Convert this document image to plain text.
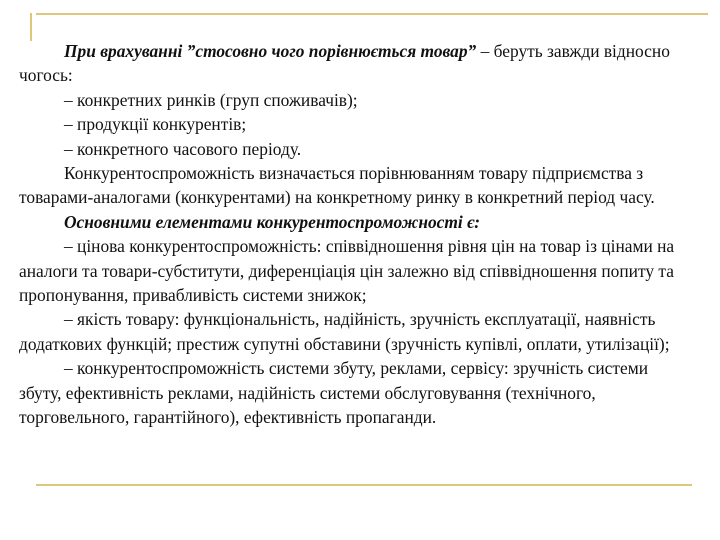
При врахуванні ”стосовно чого порівнюється товар” – беруть завжди відносно чогось:

– конкретних ринків (груп споживачів);

– продукції конкурентів;

– конкретного часового періоду.

Конкурентоспроможність визначається порівнюванням товару підприємства з товарами-аналогами (конкурентами) на конкретному ринку в конкретний період часу.

Основними елементами конкурентоспроможності є:

– цінова конкурентоспроможність: співвідношення рівня цін на товар із цінами на аналоги та товари-субститути, диференціація цін залежно від співвідношення попиту та пропонування, привабливість системи знижок;

– якість товару: функціональність, надійність, зручність експлуатації, наявність додаткових функцій; престиж супутні обставини (зручність купівлі, оплати, утилізації);

– конкурентоспроможність системи збуту, реклами, сервісу: зручність системи збуту, ефективність реклами, надійність системи обслуговування (технічного, торговельного, гарантійного), ефективність пропаганди.
